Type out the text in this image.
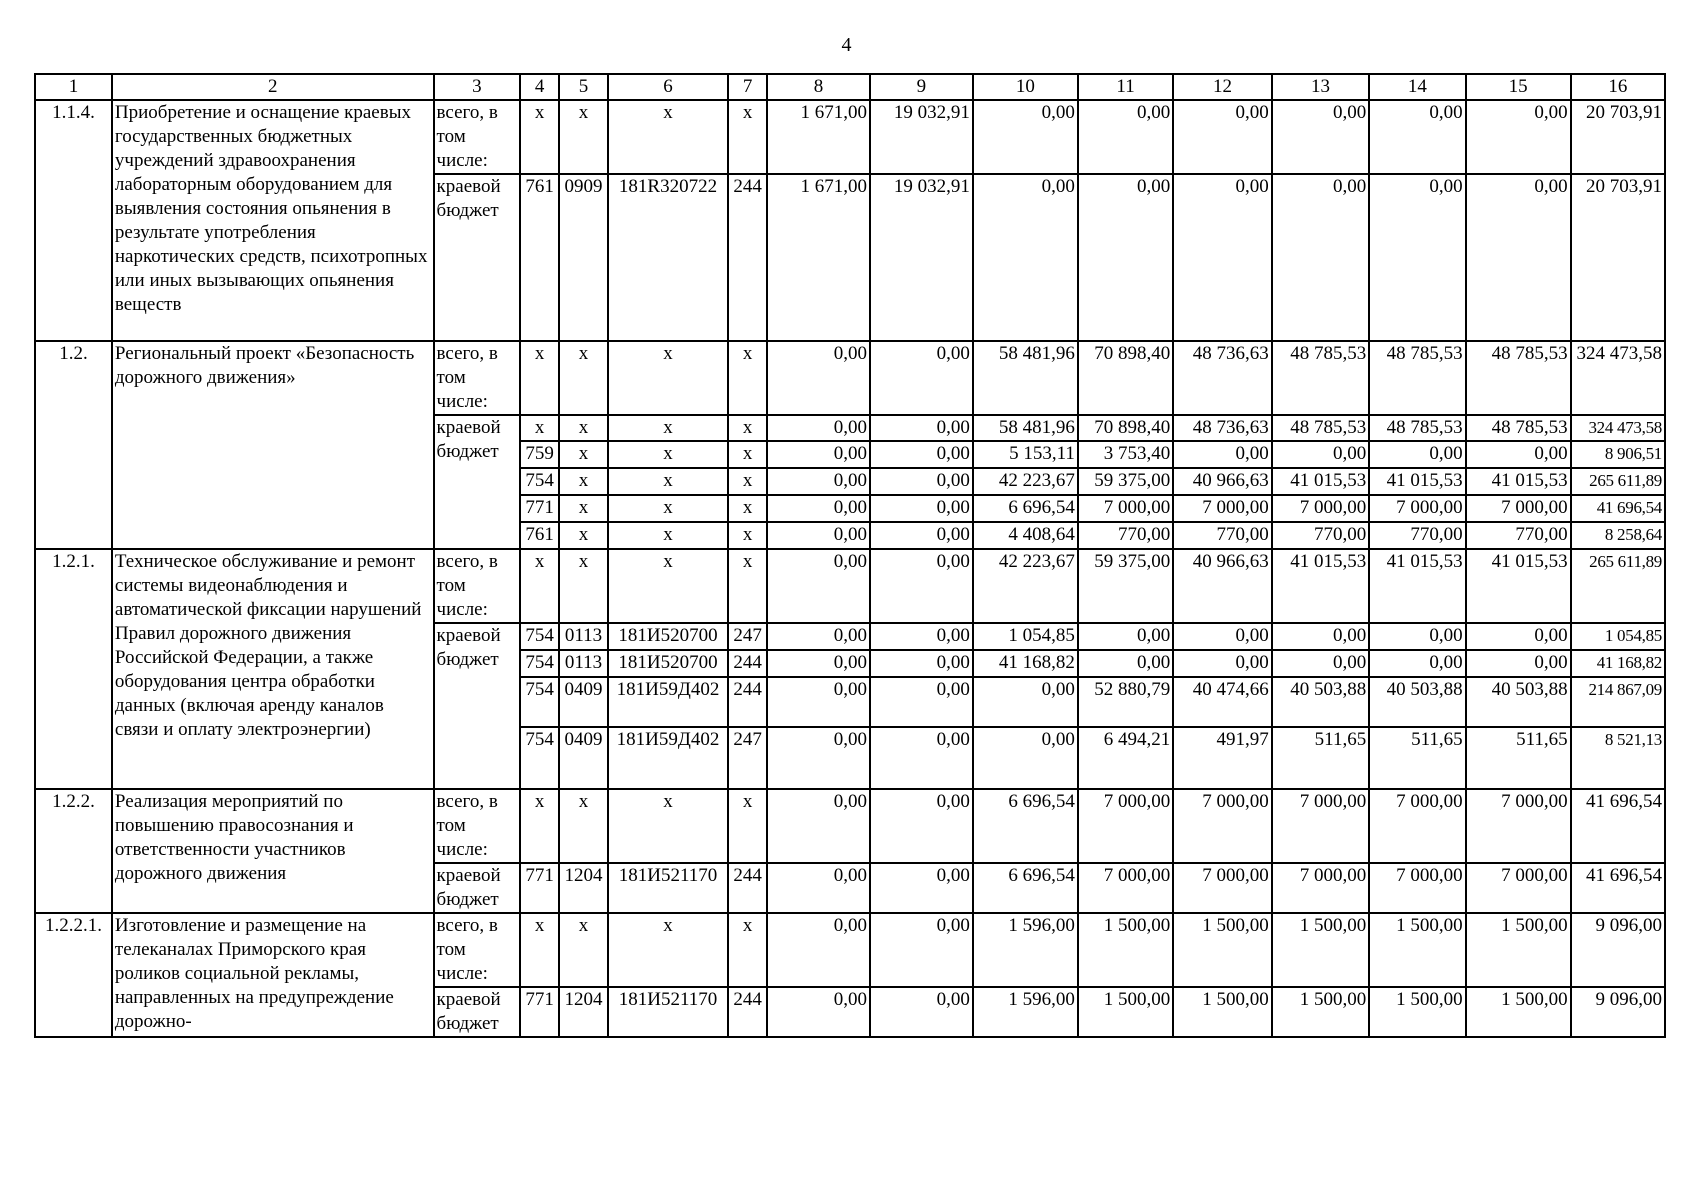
4
1	2	3	4	5	6	7	8	9	10	11	12	13	14	15	16
1.1.4.	Приобретение и оснащение краевых государственных бюджетных учреждений здравоохранения лабораторным оборудованием для выявления состояния опьянения в результате употребления наркотических средств, психотропных или иных вызывающих опьянения веществ	всего, в том числе:	х	х	х	х	1 671,00	19 032,91	0,00	0,00	0,00	0,00	0,00	0,00	20 703,91
		краевой бюджет	761	0909	181R320722	244	1 671,00	19 032,91	0,00	0,00	0,00	0,00	0,00	0,00	20 703,91
1.2.	Региональный проект «Безопасность дорожного движения»	всего, в том числе:	х	х	х	х	0,00	0,00	58 481,96	70 898,40	48 736,63	48 785,53	48 785,53	48 785,53	324 473,58
		краевой бюджет	х	х	х	х	0,00	0,00	58 481,96	70 898,40	48 736,63	48 785,53	48 785,53	48 785,53	324 473,58
			759	х	х	х	0,00	0,00	5 153,11	3 753,40	0,00	0,00	0,00	0,00	8 906,51
			754	х	х	х	0,00	0,00	42 223,67	59 375,00	40 966,63	41 015,53	41 015,53	41 015,53	265 611,89
			771	х	х	х	0,00	0,00	6 696,54	7 000,00	7 000,00	7 000,00	7 000,00	7 000,00	41 696,54
			761	х	х	х	0,00	0,00	4 408,64	770,00	770,00	770,00	770,00	770,00	8 258,64
1.2.1.	Техническое обслуживание и ремонт системы видеонаблюдения и автоматической фиксации нарушений Правил дорожного движения Российской Федерации, а также оборудования центра обработки данных (включая аренду каналов связи и оплату электроэнергии)	всего, в том числе:	х	х	х	х	0,00	0,00	42 223,67	59 375,00	40 966,63	41 015,53	41 015,53	41 015,53	265 611,89
		краевой бюджет	754	0113	181И520700	247	0,00	0,00	1 054,85	0,00	0,00	0,00	0,00	0,00	1 054,85
			754	0113	181И520700	244	0,00	0,00	41 168,82	0,00	0,00	0,00	0,00	0,00	41 168,82
			754	0409	181И59Д402	244	0,00	0,00	0,00	52 880,79	40 474,66	40 503,88	40 503,88	40 503,88	214 867,09
			754	0409	181И59Д402	247	0,00	0,00	0,00	6 494,21	491,97	511,65	511,65	511,65	8 521,13
1.2.2.	Реализация мероприятий по повышению правосознания и ответственности участников дорожного движения	всего, в том числе:	х	х	х	х	0,00	0,00	6 696,54	7 000,00	7 000,00	7 000,00	7 000,00	7 000,00	41 696,54
		краевой бюджет	771	1204	181И521170	244	0,00	0,00	6 696,54	7 000,00	7 000,00	7 000,00	7 000,00	7 000,00	41 696,54
1.2.2.1.	Изготовление и размещение на телеканалах Приморского края роликов социальной рекламы, направленных на предупреждение дорожно-	всего, в том числе:	х	х	х	х	0,00	0,00	1 596,00	1 500,00	1 500,00	1 500,00	1 500,00	1 500,00	9 096,00
		краевой бюджет	771	1204	181И521170	244	0,00	0,00	1 596,00	1 500,00	1 500,00	1 500,00	1 500,00	1 500,00	9 096,00
